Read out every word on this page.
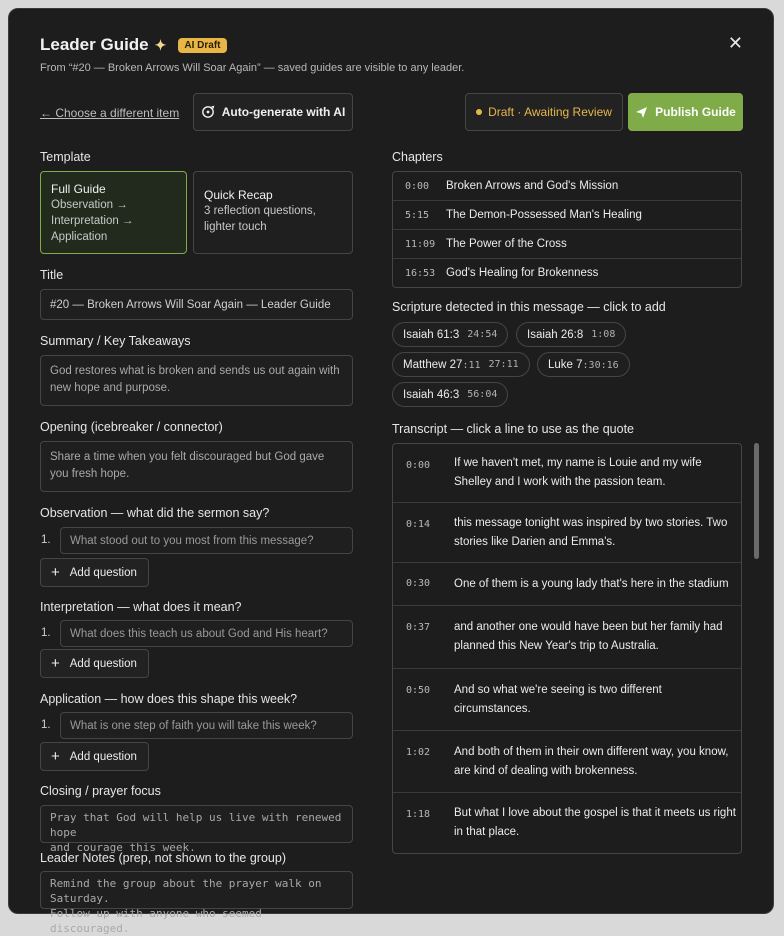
Leader Guide ✦	AI Draft	✕
From “#20 — Broken Arrows Will Soar Again” — saved guides are visible to any leader.
← Choose a different item	Auto-generate with AI	Draft · Awaiting Review	Publish Guide
Template
Full Guide
Observation →
Interpretation →
Application
Quick Recap
3 reflection questions,
lighter touch
Title
#20 — Broken Arrows Will Soar Again — Leader Guide
Summary / Key Takeaways
God restores what is broken and sends us out again with
new hope and purpose.
Opening (icebreaker / connector)
Share a time when you felt discouraged but God gave
you fresh hope.
Observation — what did the sermon say?
1.	What stood out to you most from this message?
+ Add question
Interpretation — what does it mean?
1.	What does this teach us about God and His heart?
+ Add question
Application — how does this shape this week?
1.	What is one step of faith you will take this week?
+ Add question
Closing / prayer focus
Pray that God will help us live with renewed hope
and courage this week.
Leader Notes (prep, not shown to the group)
Remind the group about the prayer walk on Saturday.
Follow up with anyone who seemed discouraged.
Chapters
0:00	Broken Arrows and God's Mission
5:15	The Demon-Possessed Man's Healing
11:09 The Power of the Cross
16:53 God's Healing for Brokenness
Scripture detected in this message — click to add
Isaiah 61:3 24:54	Isaiah 26:8 1:08
Matthew 27:11 27:11	Luke 7:30:16
Isaiah 46:3 56:04
Transcript — click a line to use as the quote
0:00	If we haven't met, my name is Louie and my wife Shelley and I work with the passion team.
0:14	this message tonight was inspired by two stories. Two stories like Darien and Emma's.
0:30	One of them is a young lady that's here in the stadium
0:37	and another one would have been but her family had planned this New Year's trip to Australia.
0:50	And so what we're seeing is two different circumstances.
1:02	And both of them in their own different way, you know, are kind of dealing with brokenness.
1:18	But what I love about the gospel is that it meets us right in that place.
